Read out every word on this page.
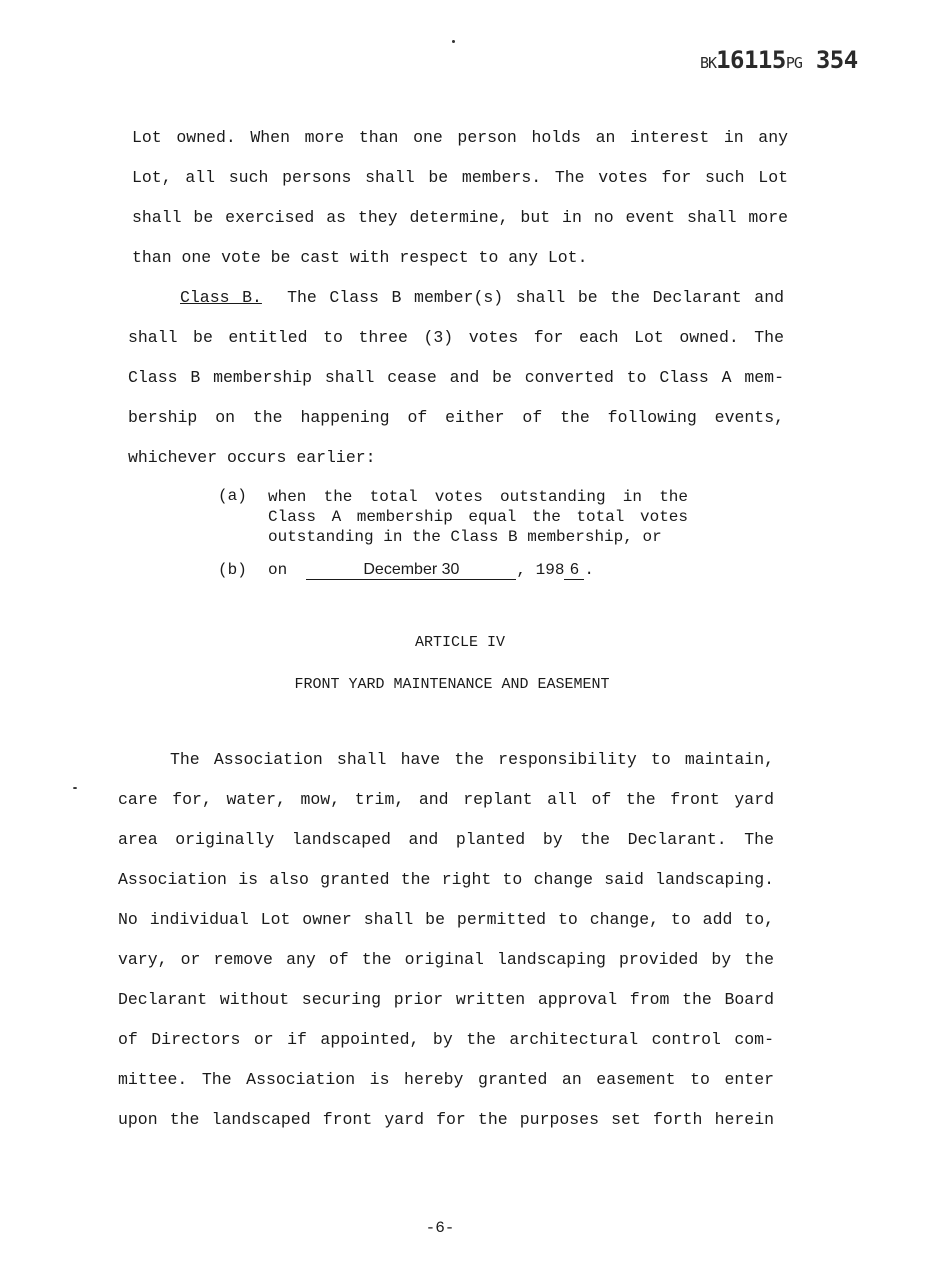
BK16115PG 354
Lot owned. When more than one person holds an interest in any
Lot, all such persons shall be members. The votes for such Lot
shall be exercised as they determine, but in no event shall more
than one vote be cast with respect to any Lot.
Class B. The Class B member(s) shall be the Declarant and
shall be entitled to three (3) votes for each Lot owned. The
Class B membership shall cease and be converted to Class A mem-
bership on the happening of either of the following events,
whichever occurs earlier:
(a)	when the total votes outstanding in the
Class A membership equal the total votes
outstanding in the Class B membership, or
(b)	on	December 30	, 198 6 .
ARTICLE IV
FRONT YARD MAINTENANCE AND EASEMENT
The Association shall have the responsibility to maintain,
care for, water, mow, trim, and replant all of the front yard
area originally landscaped and planted by the Declarant. The
Association is also granted the right to change said landscaping.
No individual Lot owner shall be permitted to change, to add to,
vary, or remove any of the original landscaping provided by the
Declarant without securing prior written approval from the Board
of Directors or if appointed, by the architectural control com-
mittee. The Association is hereby granted an easement to enter
upon the landscaped front yard for the purposes set forth herein
-6-
